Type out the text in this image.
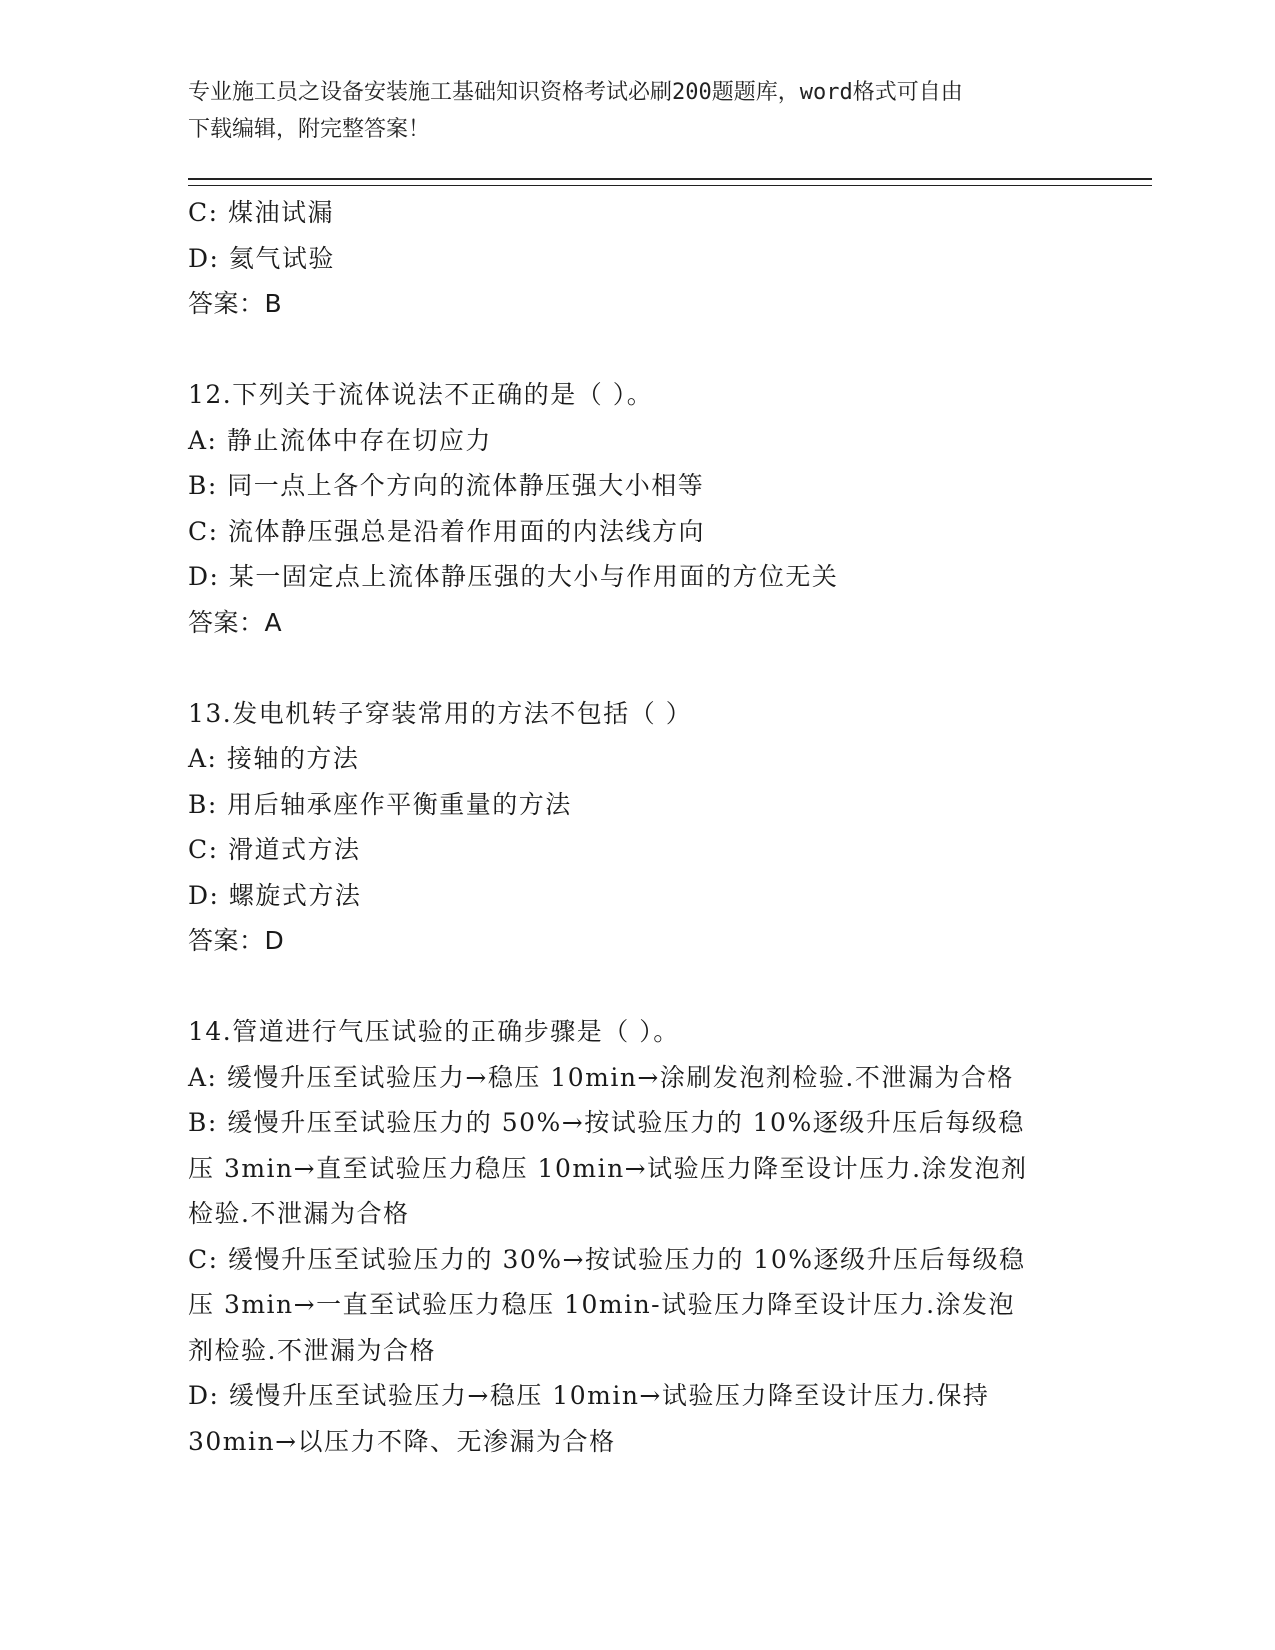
专业施工员之设备安装施工基础知识资格考试必刷200题题库，word格式可自由
下载编辑，附完整答案！
C: 煤油试漏
D: 氦气试验
答案：B
12.下列关于流体说法不正确的是（ ）。
A: 静止流体中存在切应力
B: 同一点上各个方向的流体静压强大小相等
C: 流体静压强总是沿着作用面的内法线方向
D: 某一固定点上流体静压强的大小与作用面的方位无关
答案：A
13.发电机转子穿装常用的方法不包括（ ）
A: 接轴的方法
B: 用后轴承座作平衡重量的方法
C: 滑道式方法
D: 螺旋式方法
答案：D
14.管道进行气压试验的正确步骤是（ ）。
A: 缓慢升压至试验压力→稳压 10min→涂刷发泡剂检验.不泄漏为合格
B: 缓慢升压至试验压力的 50%→按试验压力的 10%逐级升压后每级稳
压 3min→直至试验压力稳压 10min→试验压力降至设计压力.涂发泡剂
检验.不泄漏为合格
C: 缓慢升压至试验压力的 30%→按试验压力的 10%逐级升压后每级稳
压 3min→一直至试验压力稳压 10min-试验压力降至设计压力.涂发泡
剂检验.不泄漏为合格
D: 缓慢升压至试验压力→稳压 10min→试验压力降至设计压力.保持
30min→以压力不降、无渗漏为合格
